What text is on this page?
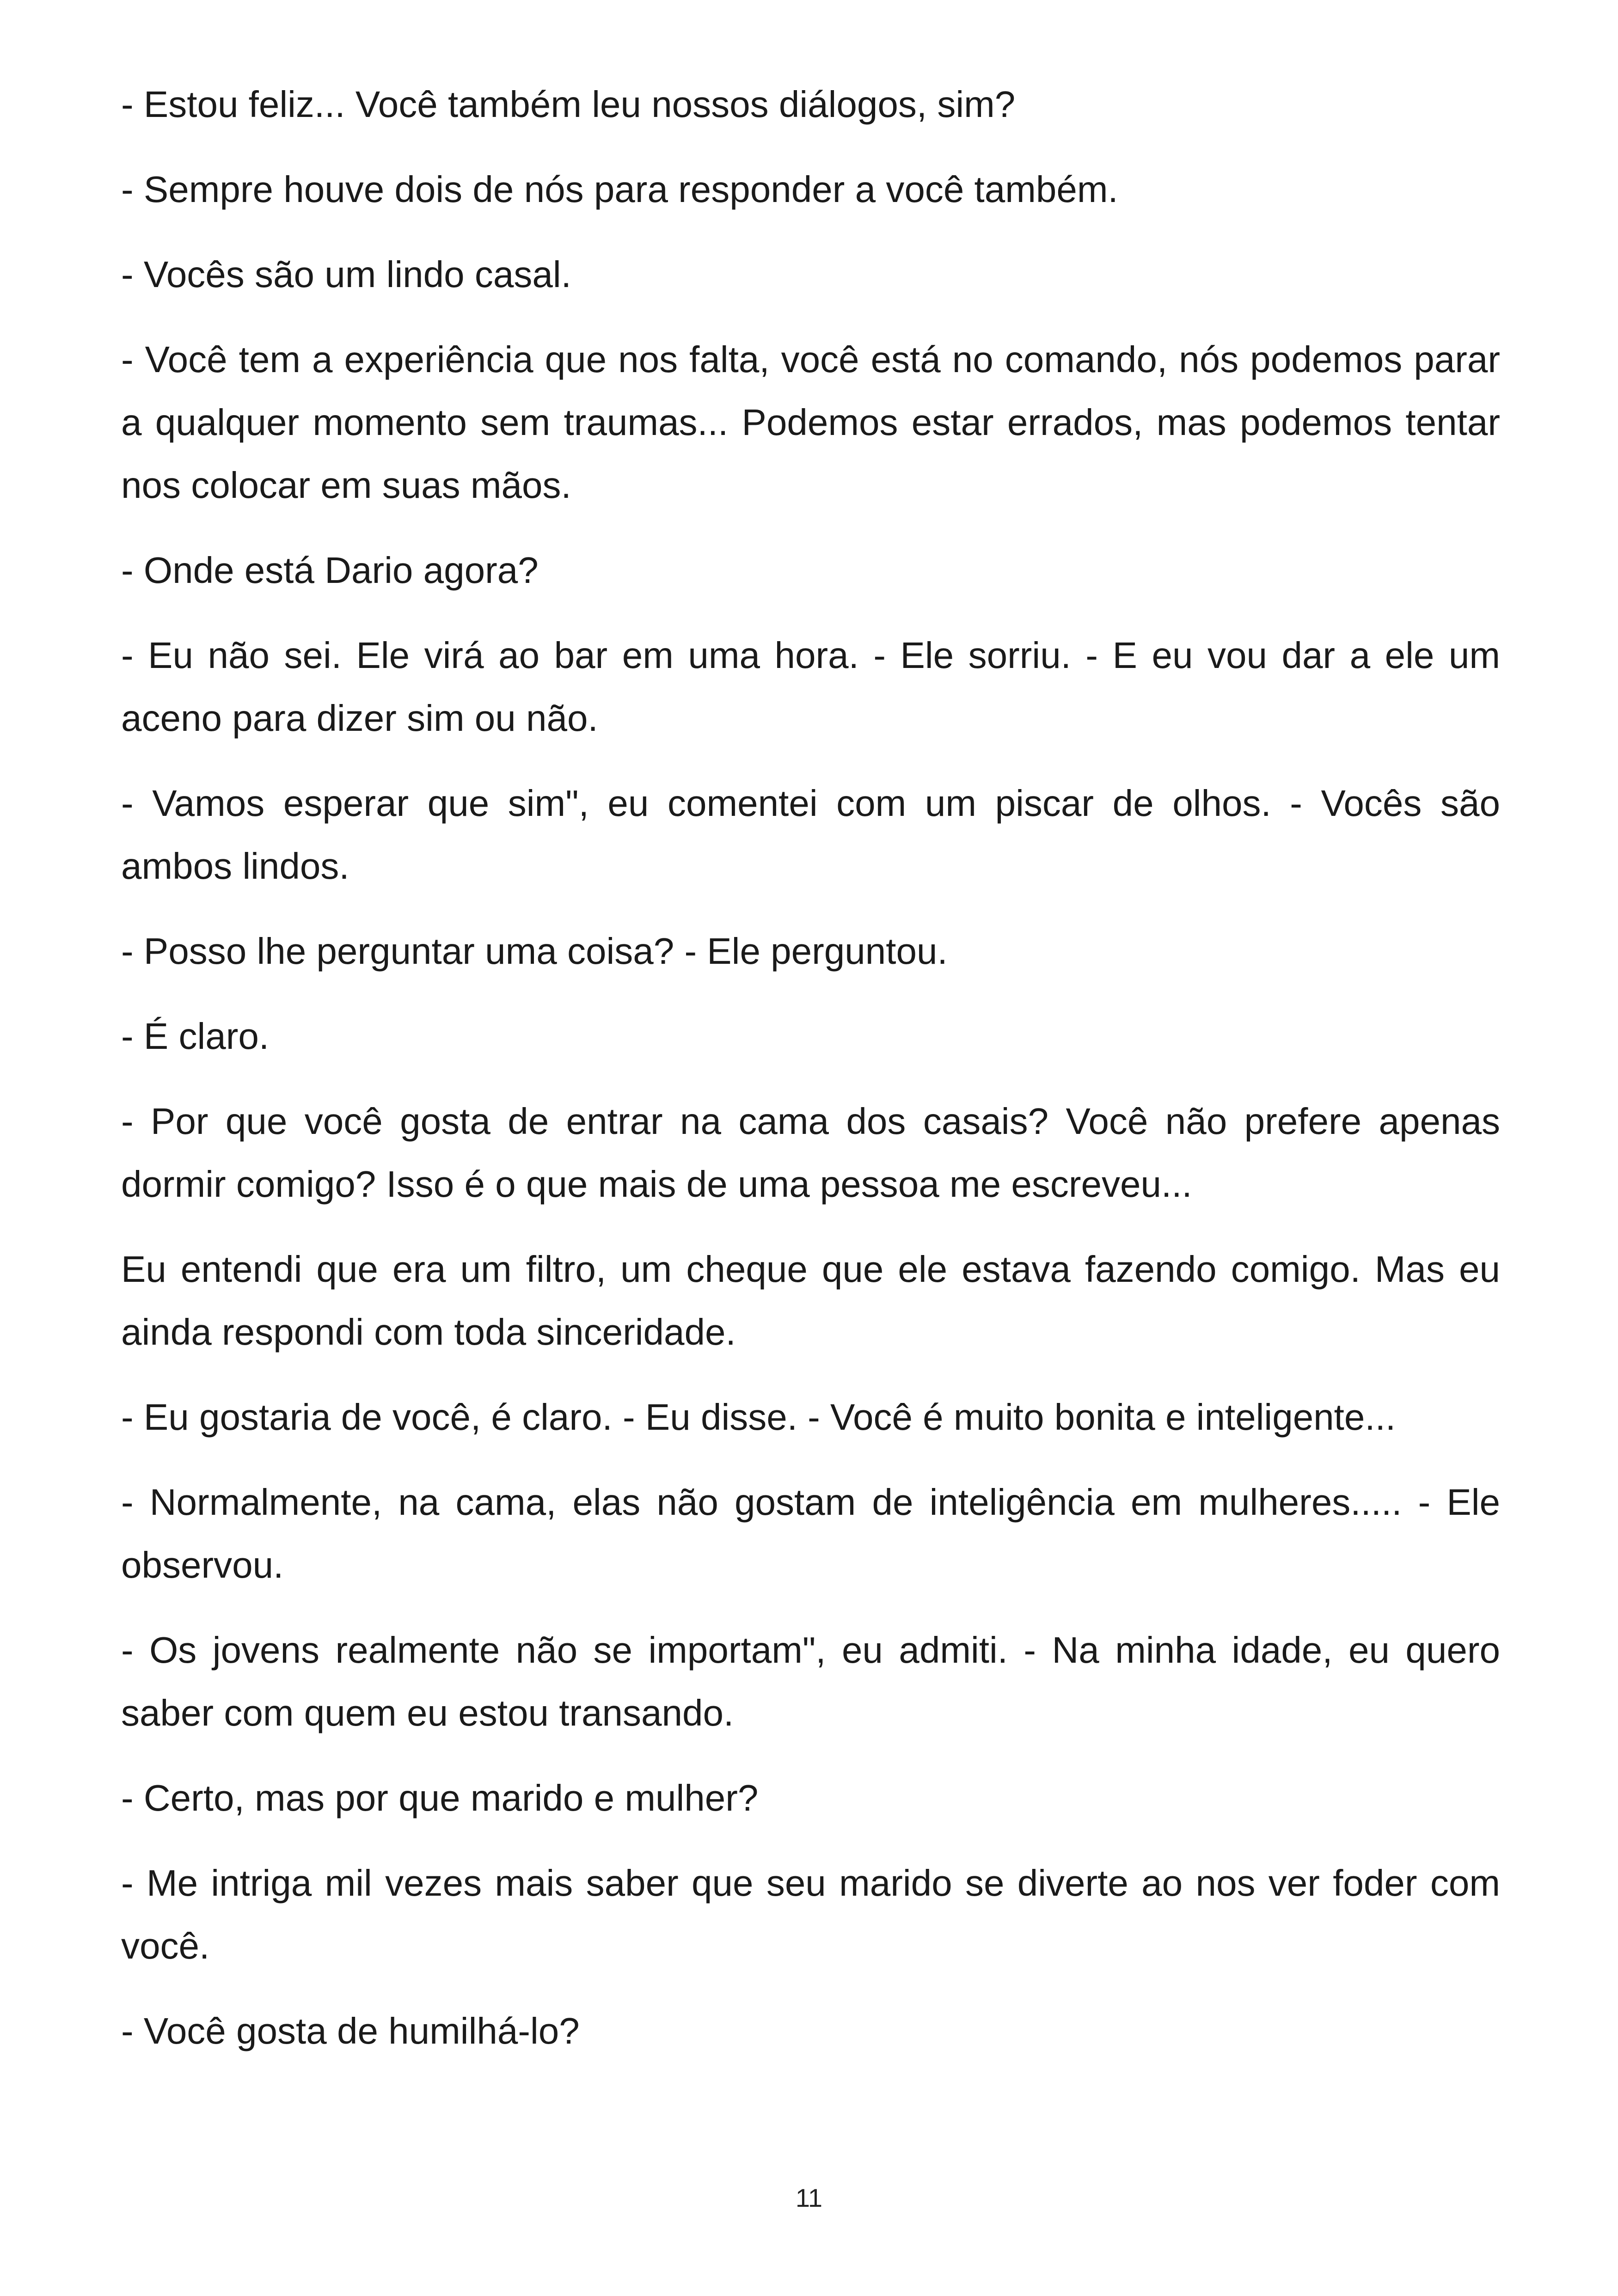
- Estou feliz... Você também leu nossos diálogos, sim?

- Sempre houve dois de nós para responder a você também.

- Vocês são um lindo casal.

- Você tem a experiência que nos falta, você está no comando, nós podemos parar a qualquer momento sem traumas... Podemos estar errados, mas podemos tentar nos colocar em suas mãos.

- Onde está Dario agora?

- Eu não sei. Ele virá ao bar em uma hora. - Ele sorriu. - E eu vou dar a ele um aceno para dizer sim ou não.

- Vamos esperar que sim", eu comentei com um piscar de olhos. - Vocês são ambos lindos.

- Posso lhe perguntar uma coisa? - Ele perguntou.

- É claro.

- Por que você gosta de entrar na cama dos casais? Você não prefere apenas dormir comigo? Isso é o que mais de uma pessoa me escreveu...

Eu entendi que era um filtro, um cheque que ele estava fazendo comigo. Mas eu ainda respondi com toda sinceridade.

- Eu gostaria de você, é claro. - Eu disse. - Você é muito bonita e inteligente...

- Normalmente, na cama, elas não gostam de inteligência em mulheres..... - Ele observou.

- Os jovens realmente não se importam", eu admiti. - Na minha idade, eu quero saber com quem eu estou transando.

- Certo, mas por que marido e mulher?

- Me intriga mil vezes mais saber que seu marido se diverte ao nos ver foder com você.

- Você gosta de humilhá-lo?

11
